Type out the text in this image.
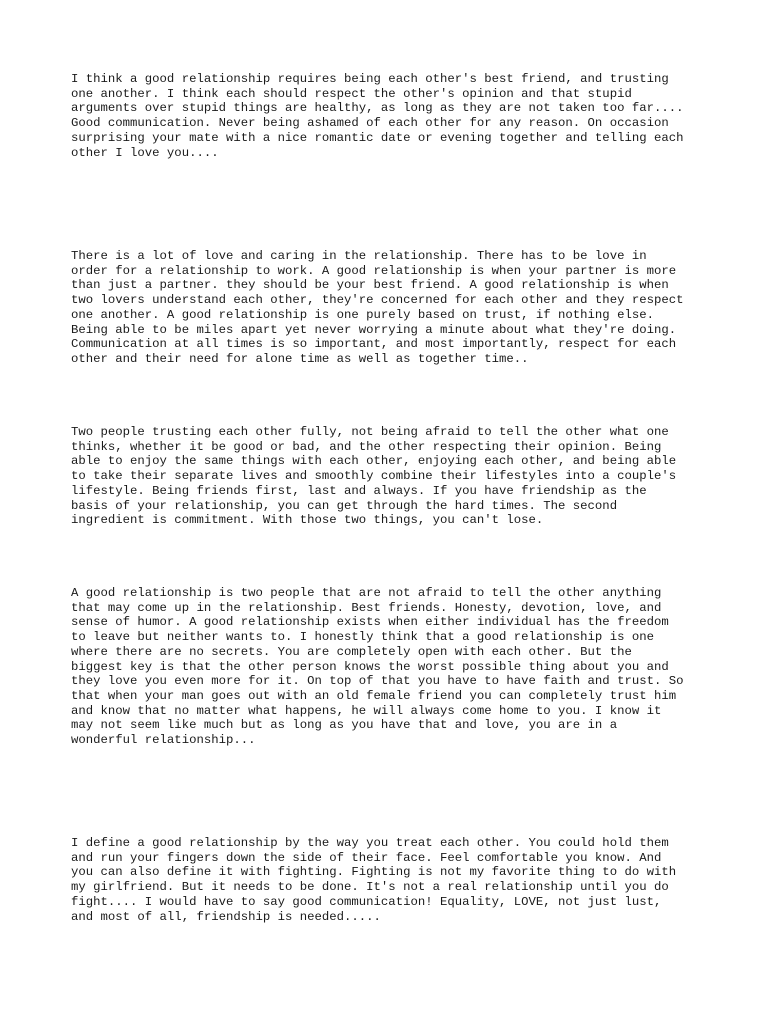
I think a good relationship requires being each other's best friend, and trusting
one another. I think each should respect the other's opinion and that stupid
arguments over stupid things are healthy, as long as they are not taken too far....
Good communication. Never being ashamed of each other for any reason. On occasion
surprising your mate with a nice romantic date or evening together and telling each
other I love you....

There is a lot of love and caring in the relationship. There has to be love in
order for a relationship to work. A good relationship is when your partner is more
than just a partner. they should be your best friend. A good relationship is when
two lovers understand each other, they're concerned for each other and they respect
one another. A good relationship is one purely based on trust, if nothing else.
Being able to be miles apart yet never worrying a minute about what they're doing.
Communication at all times is so important, and most importantly, respect for each
other and their need for alone time as well as together time..

Two people trusting each other fully, not being afraid to tell the other what one
thinks, whether it be good or bad, and the other respecting their opinion. Being
able to enjoy the same things with each other, enjoying each other, and being able
to take their separate lives and smoothly combine their lifestyles into a couple's
lifestyle. Being friends first, last and always. If you have friendship as the
basis of your relationship, you can get through the hard times. The second
ingredient is commitment. With those two things, you can't lose.

A good relationship is two people that are not afraid to tell the other anything
that may come up in the relationship. Best friends. Honesty, devotion, love, and
sense of humor. A good relationship exists when either individual has the freedom
to leave but neither wants to. I honestly think that a good relationship is one
where there are no secrets. You are completely open with each other. But the
biggest key is that the other person knows the worst possible thing about you and
they love you even more for it. On top of that you have to have faith and trust. So
that when your man goes out with an old female friend you can completely trust him
and know that no matter what happens, he will always come home to you. I know it
may not seem like much but as long as you have that and love, you are in a
wonderful relationship...

I define a good relationship by the way you treat each other. You could hold them
and run your fingers down the side of their face. Feel comfortable you know. And
you can also define it with fighting. Fighting is not my favorite thing to do with
my girlfriend. But it needs to be done. It's not a real relationship until you do
fight.... I would have to say good communication! Equality, LOVE, not just lust,
and most of all, friendship is needed.....
